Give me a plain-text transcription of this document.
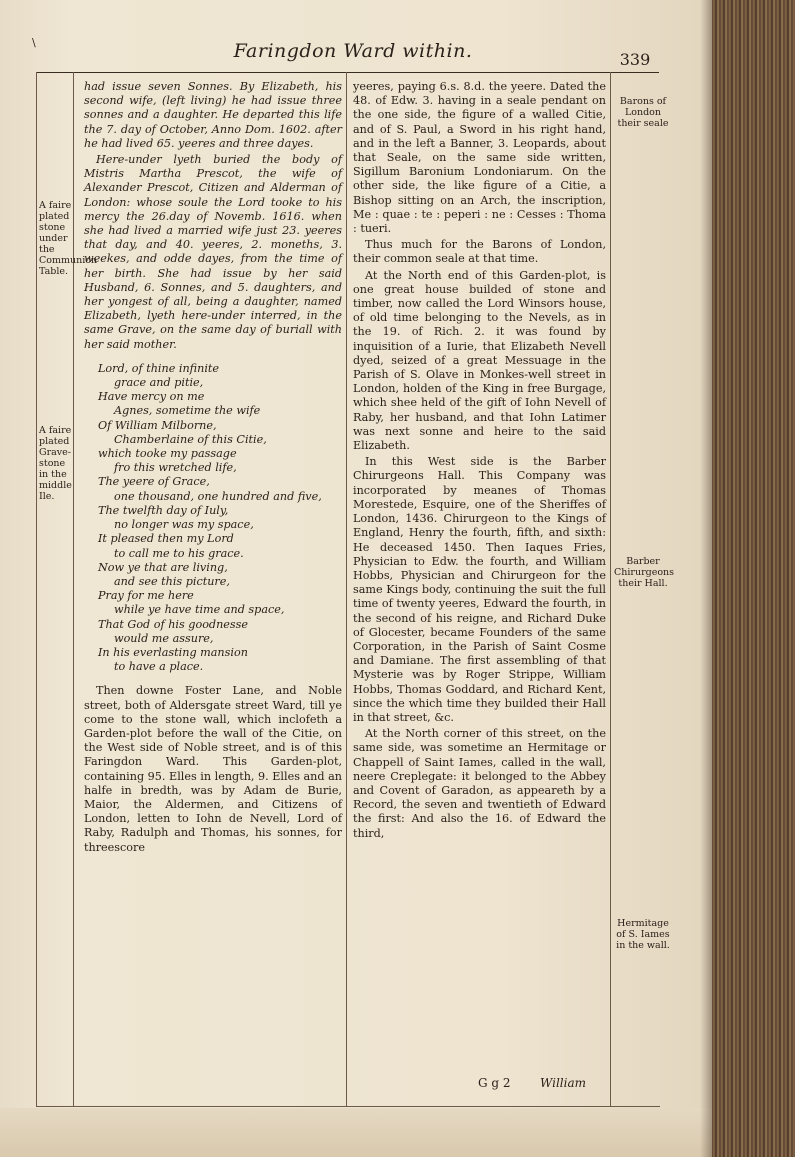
\	Faringdon Ward within.	339
A faire plated stone under the Communion Table.
A faire plated Grave-stone in the middle Ile.
Barons of London their seale
Barber Chirurgeons their Hall.
Hermitage of S. Iames in the wall.

had issue seven Sonnes. By Elizabeth, his second wife, (left living) he had issue three sonnes and a daughter. He departed this life the 7. day of October, Anno Dom. 1602. after he had lived 65. yeeres and three dayes.

Here-under lyeth buried the body of Mistris Martha Prescot, the wife of Alexander Prescot, Citizen and Alderman of London: whose soule the Lord tooke to his mercy the 26.day of Novemb. 1616. when she had lived a married wife just 23. yeeres that day, and 40. yeeres, 2. moneths, 3. weekes, and odde dayes, from the time of her birth. She had issue by her said Husband, 6. Sonnes, and 5. daughters, and her yongest of all, being a daughter, named Elizabeth, lyeth here-under interred, in the same Grave, on the same day of buriall with her said mother.

Lord, of thine infinite
grace and pitie,
Have mercy on me
Agnes, sometime the wife
Of William Milborne,
Chamberlaine of this Citie,
which tooke my passage
fro this wretched life,
The yeere of Grace,
one thousand, one hundred and five,
The twelfth day of Iuly,
no longer was my space,
It pleased then my Lord
to call me to his grace.
Now ye that are living,
and see this picture,
Pray for me here
while ye have time and space,
That God of his goodnesse
would me assure,
In his everlasting mansion
to have a place.

Then downe Foster Lane, and Noble street, both of Aldersgate street Ward, till ye come to the stone wall, which inclofeth a Garden-plot before the wall of the Citie, on the West side of Noble street, and is of this Faringdon Ward. This Garden-plot, containing 95. Elles in length, 9. Elles and an halfe in bredth, was by Adam de Burie, Maior, the Aldermen, and Citizens of London, letten to Iohn de Nevell, Lord of Raby, Radulph and Thomas, his sonnes, for threescore

yeeres, paying 6.s. 8.d. the yeere. Dated the 48. of Edw. 3. having in a seale pendant on the one side, the figure of a walled Citie, and of S. Paul, a Sword in his right hand, and in the left a Banner, 3. Leopards, about that Seale, on the same side written, Sigillum Baronium Londoniarum. On the other side, the like figure of a Citie, a Bishop sitting on an Arch, the inscription, Me : quae : te : peperi : ne : Cesses : Thoma : tueri.

Thus much for the Barons of London, their common seale at that time.

At the North end of this Garden-plot, is one great house builded of stone and timber, now called the Lord Winsors house, of old time belonging to the Nevels, as in the 19. of Rich. 2. it was found by inquisition of a Iurie, that Elizabeth Nevell dyed, seized of a great Messuage in the Parish of S. Olave in Monkes-well street in London, holden of the King in free Burgage, which shee held of the gift of Iohn Nevell of Raby, her husband, and that Iohn Latimer was next sonne and heire to the said Elizabeth.

In this West side is the Barber Chirurgeons Hall. This Company was incorporated by meanes of Thomas Morestede, Esquire, one of the Sheriffes of London, 1436. Chirurgeon to the Kings of England, Henry the fourth, fifth, and sixth: He deceased 1450. Then Iaques Fries, Physician to Edw. the fourth, and William Hobbs, Physician and Chirurgeon for the same Kings body, continuing the suit the full time of twenty yeeres, Edward the fourth, in the second of his reigne, and Richard Duke of Glocester, became Founders of the same Corporation, in the Parish of Saint Cosme and Damiane. The first assembling of that Mysterie was by Roger Strippe, William Hobbs, Thomas Goddard, and Richard Kent, since the which time they builded their Hall in that street, &c.

At the North corner of this street, on the same side, was sometime an Hermitage or Chappell of Saint Iames, called in the wall, neere Creplegate: it belonged to the Abbey and Covent of Garadon, as appeareth by a Record, the seven and twentieth of Edward the first: And also the 16. of Edward the third,

G g 2 William
